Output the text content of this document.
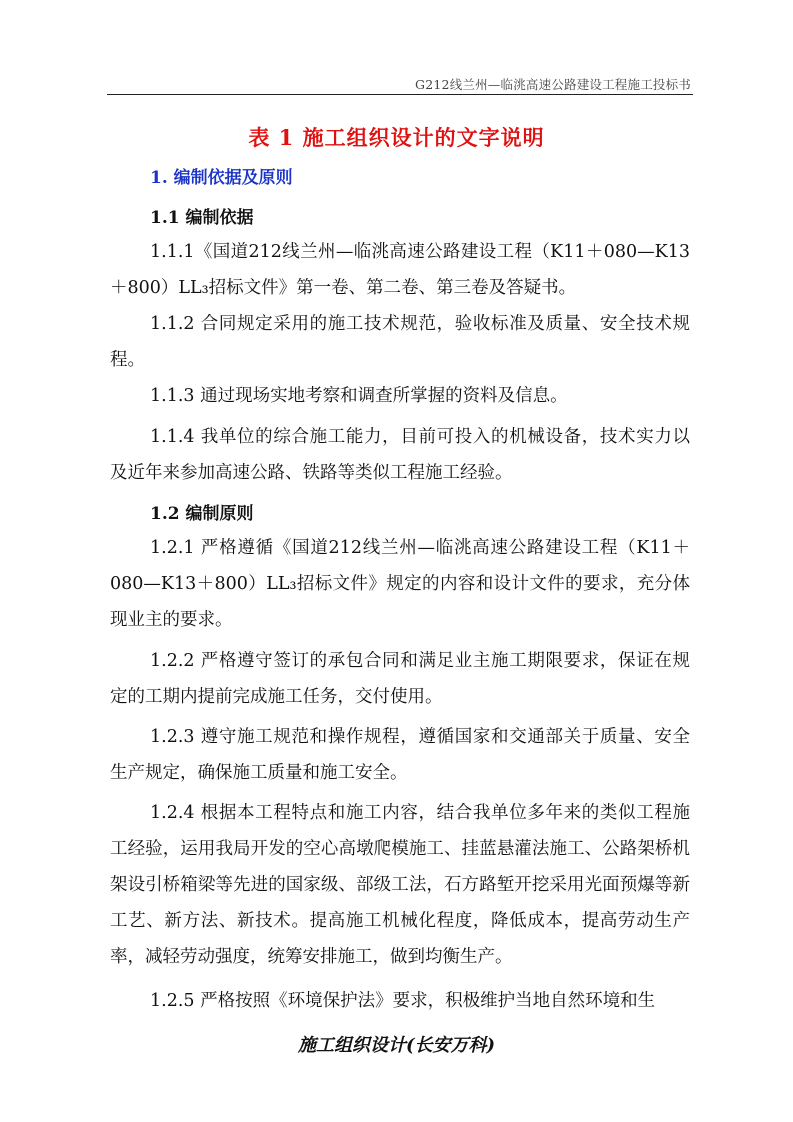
G212线兰州—临洮高速公路建设工程施工投标书
表 1 施工组织设计的文字说明
1. 编制依据及原则
1.1 编制依据
1.1.1《国道212线兰州—临洮高速公路建设工程（K11＋080—K13＋800）LL₃招标文件》第一卷、第二卷、第三卷及答疑书。
1.1.2 合同规定采用的施工技术规范，验收标准及质量、安全技术规程。
1.1.3 通过现场实地考察和调查所掌握的资料及信息。
1.1.4 我单位的综合施工能力，目前可投入的机械设备，技术实力以及近年来参加高速公路、铁路等类似工程施工经验。
1.2 编制原则
1.2.1 严格遵循《国道212线兰州—临洮高速公路建设工程（K11＋080—K13＋800）LL₃招标文件》规定的内容和设计文件的要求，充分体现业主的要求。
1.2.2 严格遵守签订的承包合同和满足业主施工期限要求，保证在规定的工期内提前完成施工任务，交付使用。
1.2.3 遵守施工规范和操作规程，遵循国家和交通部关于质量、安全生产规定，确保施工质量和施工安全。
1.2.4 根据本工程特点和施工内容，结合我单位多年来的类似工程施工经验，运用我局开发的空心高墩爬模施工、挂蓝悬灌法施工、公路架桥机架设引桥箱梁等先进的国家级、部级工法，石方路堑开挖采用光面预爆等新工艺、新方法、新技术。提高施工机械化程度，降低成本，提高劳动生产率，减轻劳动强度，统筹安排施工，做到均衡生产。
1.2.5 严格按照《环境保护法》要求，积极维护当地自然环境和生
施工组织设计(长安万科)
